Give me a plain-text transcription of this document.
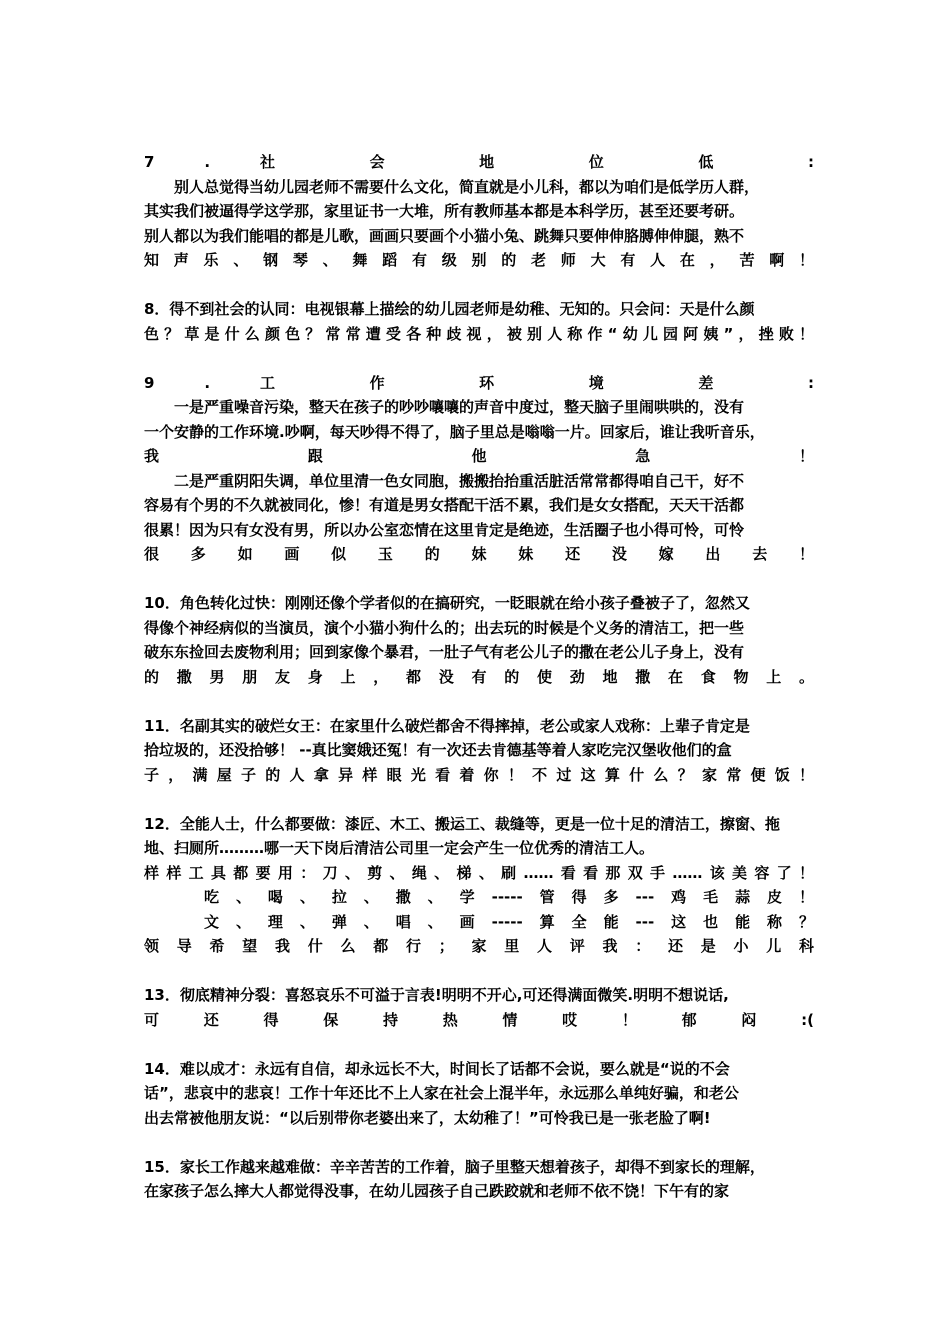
7 . 社 会 地 位 低 :
别人总觉得当幼儿园老师不需要什么文化，简直就是小儿科，都以为咱们是低学历人群，
其实我们被逼得学这学那，家里证书一大堆，所有教师基本都是本科学历，甚至还要考研。
别人都以为我们能唱的都是儿歌，画画只要画个小猫小兔、跳舞只要伸伸胳膊伸伸腿，熟不
知声乐、钢琴、舞蹈有级别的老师大有人在，苦啊！
8．得不到社会的认同：电视银幕上描绘的幼儿园老师是幼稚、无知的。只会问：天是什么颜
色？草是什么颜色？常常遭受各种歧视，被别人称作“幼儿园阿姨”，挫败！
9 . 工 作 环 境 差 :
一是严重噪音污染，整天在孩子的吵吵嚷嚷的声音中度过，整天脑子里闹哄哄的，没有
一个安静的工作环境.吵啊，每天吵得不得了，脑子里总是嗡嗡一片。回家后，谁让我听音乐，
我 跟 他 急 ！
二是严重阴阳失调，单位里清一色女同胞，搬搬抬抬重活脏活常常都得咱自己干，好不
容易有个男的不久就被同化，惨！有道是男女搭配干活不累，我们是女女搭配，天天干活都
很累！因为只有女没有男，所以办公室恋情在这里肯定是绝迹，生活圈子也小得可怜，可怜
很 多 如 画 似 玉 的 妹 妹 还 没 嫁 出 去 ！
10．角色转化过快：刚刚还像个学者似的在搞研究，一眨眼就在给小孩子叠被子了，忽然又
得像个神经病似的当演员，演个小猫小狗什么的；出去玩的时候是个义务的清洁工，把一些
破东东捡回去废物利用；回到家像个暴君，一肚子气有老公儿子的撒在老公儿子身上，没有
的撒男朋友身上，都没有的使劲地撒在食物上。
11．名副其实的破烂女王：在家里什么破烂都舍不得摔掉，老公或家人戏称：上辈子肯定是
拾垃圾的，还没拾够！ --真比窦娥还冤！有一次还去肯德基等着人家吃完汉堡收他们的盒
子，满屋子的人拿异样眼光看着你！不过这算什么？家常便饭！
12．全能人士，什么都要做：漆匠、木工、搬运工、裁缝等，更是一位十足的清洁工，擦窗、拖
地、扫厕所………哪一天下岗后清洁公司里一定会产生一位优秀的清洁工人。
样样工具都要用：刀、剪、绳、梯、刷……看看那双手……该美容了！
吃、喝、拉、撒、学-----管得多---鸡毛蒜皮！
文、理、弹、唱、画-----算全能---这也能称？
领导希望我什么都行；家里人评我：还是小儿科
13．彻底精神分裂：喜怒哀乐不可溢于言表!明明不开心,可还得满面微笑.明明不想说话,
可 还 得 保 持 热 情 哎 ！ 郁 闷 :(
14．难以成才：永远有自信，却永远长不大，时间长了话都不会说，要么就是“说的不会
话”，悲哀中的悲哀！工作十年还比不上人家在社会上混半年，永远那么单纯好骗，和老公
出去常被他朋友说：“以后别带你老婆出来了，太幼稚了！”可怜我已是一张老脸了啊!
15．家长工作越来越难做：辛辛苦苦的工作着，脑子里整天想着孩子，却得不到家长的理解，
在家孩子怎么摔大人都觉得没事，在幼儿园孩子自己跌跤就和老师不依不饶！下午有的家
